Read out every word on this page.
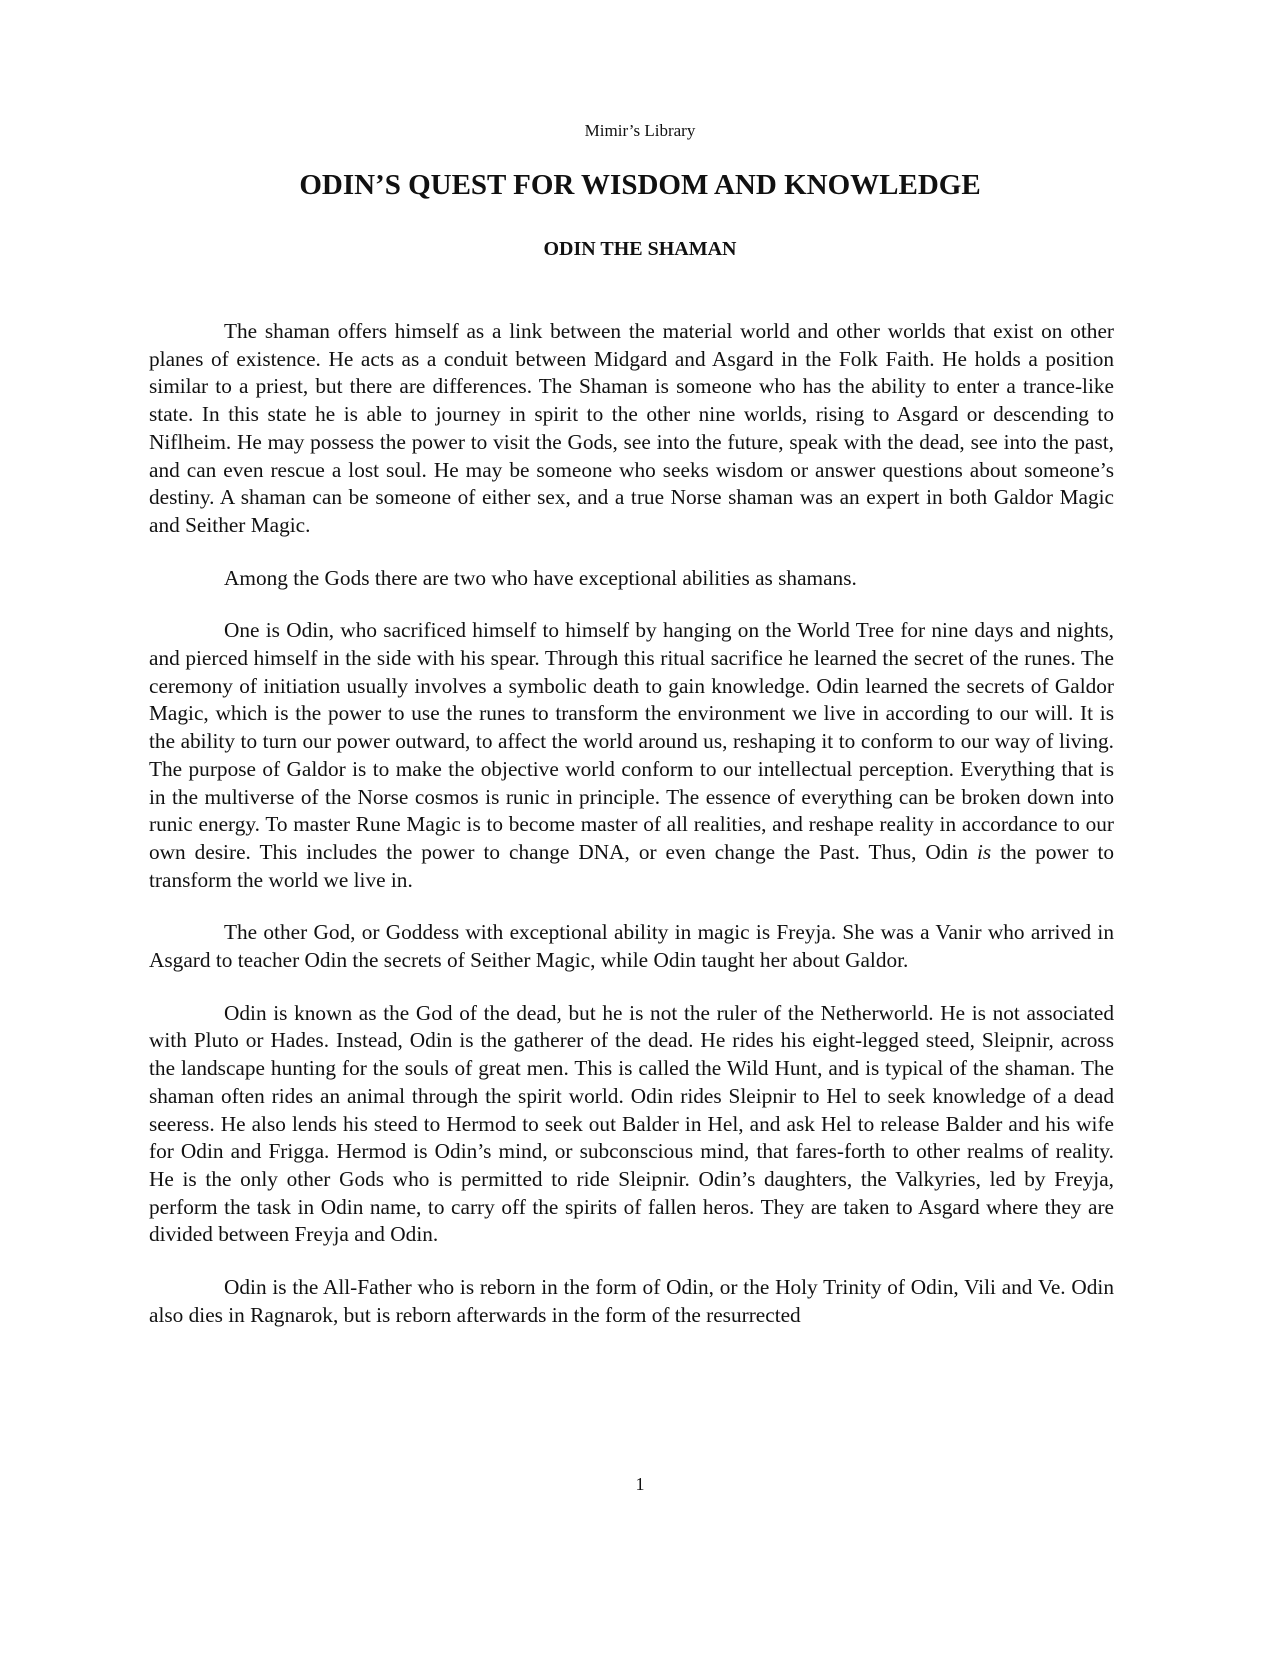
Mimir’s Library
ODIN’S QUEST FOR WISDOM AND KNOWLEDGE
ODIN THE SHAMAN

The shaman offers himself as a link between the material world and other worlds that exist on other planes of existence. He acts as a conduit between Midgard and Asgard in the Folk Faith. He holds a position similar to a priest, but there are differences. The Shaman is someone who has the ability to enter a trance-like state. In this state he is able to journey in spirit to the other nine worlds, rising to Asgard or descending to Niflheim. He may possess the power to visit the Gods, see into the future, speak with the dead, see into the past, and can even rescue a lost soul. He may be someone who seeks wisdom or answer questions about someone’s destiny. A shaman can be someone of either sex, and a true Norse shaman was an expert in both Galdor Magic and Seither Magic.

Among the Gods there are two who have exceptional abilities as shamans.

One is Odin, who sacrificed himself to himself by hanging on the World Tree for nine days and nights, and pierced himself in the side with his spear. Through this ritual sacrifice he learned the secret of the runes. The ceremony of initiation usually involves a symbolic death to gain knowledge. Odin learned the secrets of Galdor Magic, which is the power to use the runes to transform the environment we live in according to our will. It is the ability to turn our power outward, to affect the world around us, reshaping it to conform to our way of living. The purpose of Galdor is to make the objective world conform to our intellectual perception. Everything that is in the multiverse of the Norse cosmos is runic in principle. The essence of everything can be broken down into runic energy. To master Rune Magic is to become master of all realities, and reshape reality in accordance to our own desire. This includes the power to change DNA, or even change the Past. Thus, Odin is the power to transform the world we live in.

The other God, or Goddess with exceptional ability in magic is Freyja. She was a Vanir who arrived in Asgard to teacher Odin the secrets of Seither Magic, while Odin taught her about Galdor.

Odin is known as the God of the dead, but he is not the ruler of the Netherworld. He is not associated with Pluto or Hades. Instead, Odin is the gatherer of the dead. He rides his eight-legged steed, Sleipnir, across the landscape hunting for the souls of great men. This is called the Wild Hunt, and is typical of the shaman. The shaman often rides an animal through the spirit world. Odin rides Sleipnir to Hel to seek knowledge of a dead seeress. He also lends his steed to Hermod to seek out Balder in Hel, and ask Hel to release Balder and his wife for Odin and Frigga. Hermod is Odin’s mind, or subconscious mind, that fares-forth to other realms of reality. He is the only other Gods who is permitted to ride Sleipnir. Odin’s daughters, the Valkyries, led by Freyja, perform the task in Odin name, to carry off the spirits of fallen heros. They are taken to Asgard where they are divided between Freyja and Odin.

Odin is the All-Father who is reborn in the form of Odin, or the Holy Trinity of Odin, Vili and Ve. Odin also dies in Ragnarok, but is reborn afterwards in the form of the resurrected

1
